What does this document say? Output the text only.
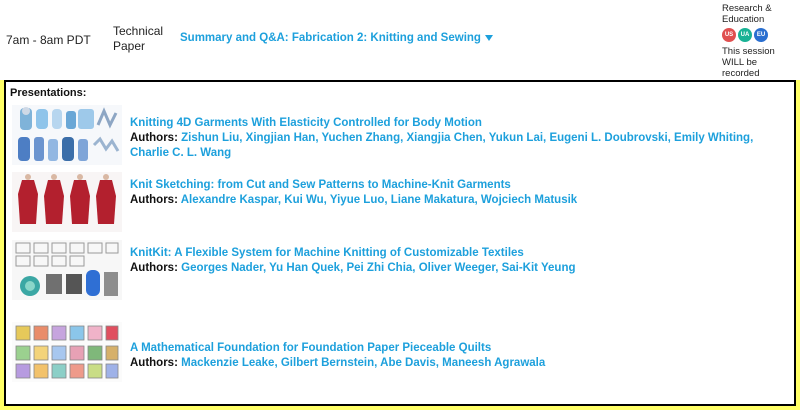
7am - 8am PDT
Technical
Paper
Summary and Q&A: Fabrication 2: Knitting and Sewing
Research &
Education
US	UA	EU
This session
WILL be
recorded
Presentations:
Knitting 4D Garments With Elasticity Controlled for Body Motion
Authors: Zishun Liu, Xingjian Han, Yuchen Zhang, Xiangjia Chen, Yukun Lai, Eugeni L. Doubrovski, Emily Whiting, Charlie C. L. Wang
Knit Sketching: from Cut and Sew Patterns to Machine-Knit Garments
Authors: Alexandre Kaspar, Kui Wu, Yiyue Luo, Liane Makatura, Wojciech Matusik
KnitKit: A Flexible System for Machine Knitting of Customizable Textiles
Authors: Georges Nader, Yu Han Quek, Pei Zhi Chia, Oliver Weeger, Sai-Kit Yeung
A Mathematical Foundation for Foundation Paper Pieceable Quilts
Authors: Mackenzie Leake, Gilbert Bernstein, Abe Davis, Maneesh Agrawala
